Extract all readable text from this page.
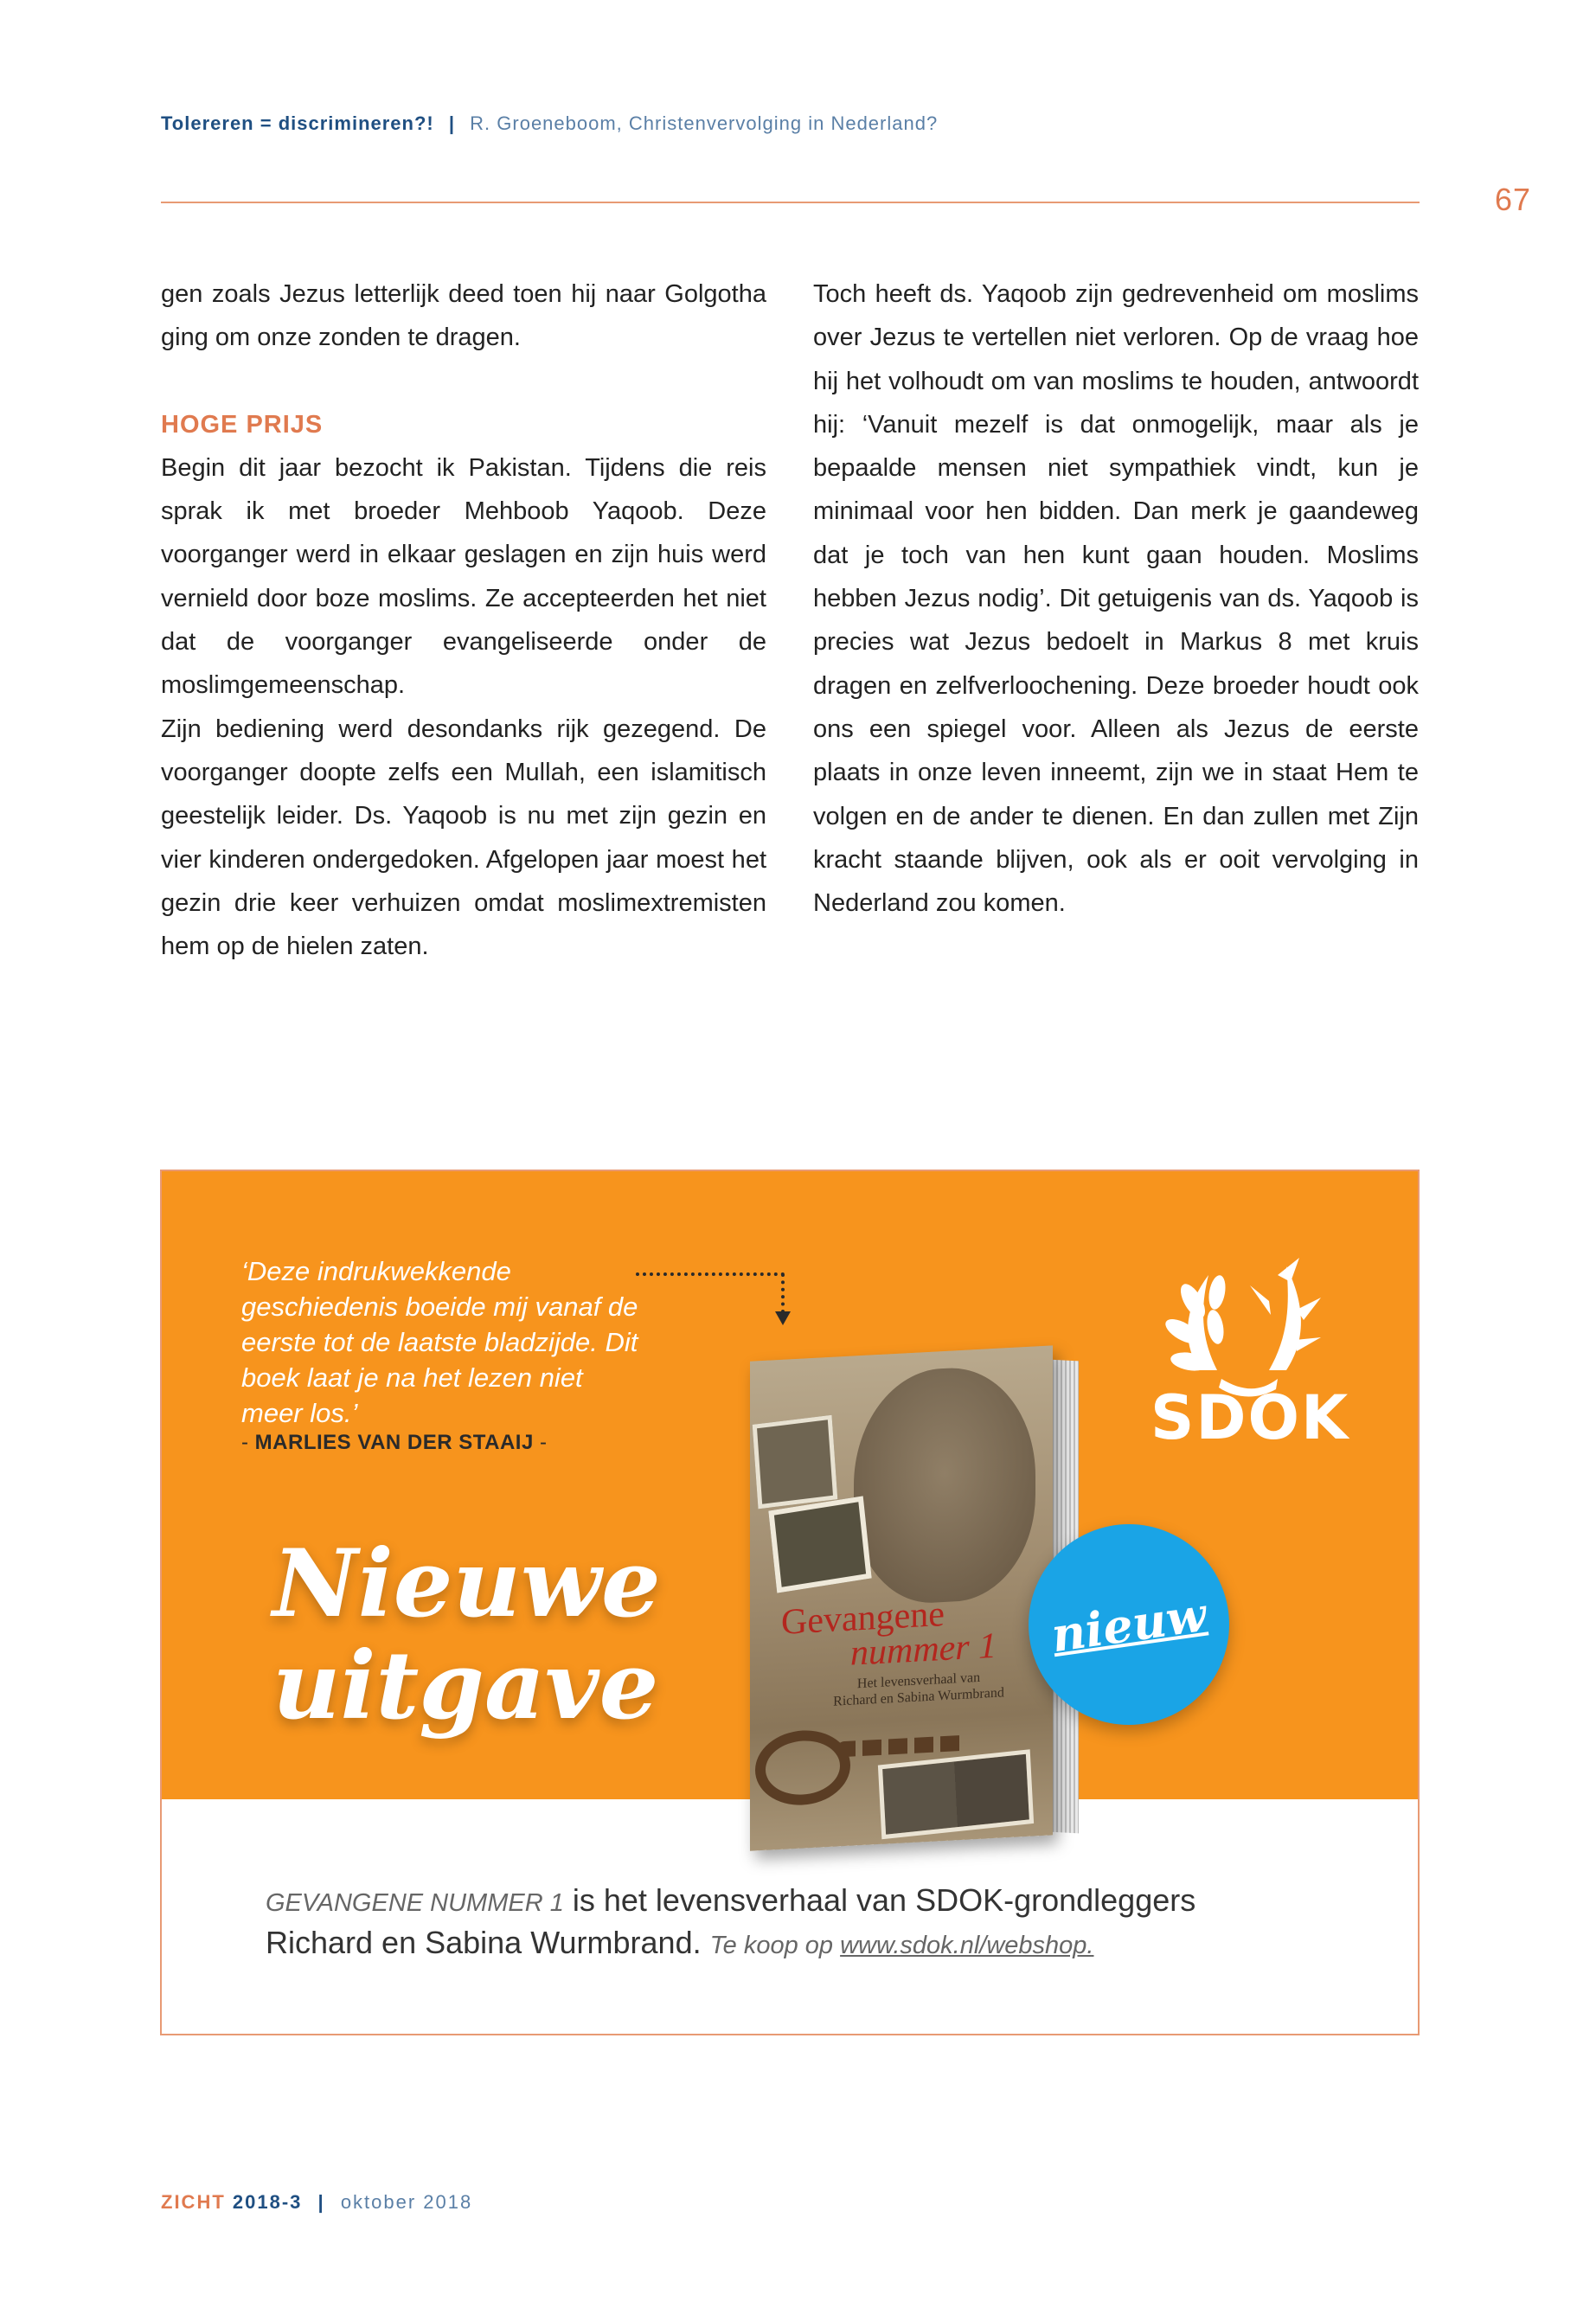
Tolereren = discrimineren?! | R. Groeneboom, Christenvervolging in Nederland?
67

gen zoals Jezus letterlijk deed toen hij naar Golgotha ging om onze zonden te dragen.

HOGE PRIJS

Begin dit jaar bezocht ik Pakistan. Tijdens die reis sprak ik met broeder Mehboob Yaqoob. Deze voorganger werd in elkaar geslagen en zijn huis werd vernield door boze moslims. Ze accepteerden het niet dat de voorganger evangeliseerde onder de moslimgemeenschap.

Zijn bediening werd desondanks rijk gezegend. De voorganger doopte zelfs een Mullah, een islamitisch geestelijk leider. Ds. Yaqoob is nu met zijn gezin en vier kinderen ondergedoken. Afgelopen jaar moest het gezin drie keer verhuizen omdat moslimextremisten hem op de hielen zaten.

Toch heeft ds. Yaqoob zijn gedrevenheid om moslims over Jezus te vertellen niet verloren. Op de vraag hoe hij het volhoudt om van moslims te houden, antwoordt hij: ‘Vanuit mezelf is dat onmogelijk, maar als je bepaalde mensen niet sympathiek vindt, kun je minimaal voor hen bidden. Dan merk je gaandeweg dat je toch van hen kunt gaan houden. Moslims hebben Jezus nodig’. Dit getuigenis van ds. Yaqoob is precies wat Jezus bedoelt in Markus 8 met kruis dragen en zelfverloochening. Deze broeder houdt ook ons een spiegel voor. Alleen als Jezus de eerste plaats in onze leven inneemt, zijn we in staat Hem te volgen en de ander te dienen. En dan zullen met Zijn kracht staande blijven, ook als er ooit vervolging in Nederland zou komen.

‘Deze indrukwekkende geschiedenis boeide mij vanaf de eerste tot de laatste bladzijde. Dit boek laat je na het lezen niet meer los.’
- MARLIES VAN DER STAAIJ -
Nieuwe
uitgave
Gevangene
nummer 1
Het levensverhaal van
Richard en Sabina Wurmbrand
nieuw
SDOK
GEVANGENE NUMMER 1 is het levensverhaal van SDOK-grondleggers Richard en Sabina Wurmbrand. Te koop op www.sdok.nl/webshop.
ZICHT 2018-3 | oktober 2018
